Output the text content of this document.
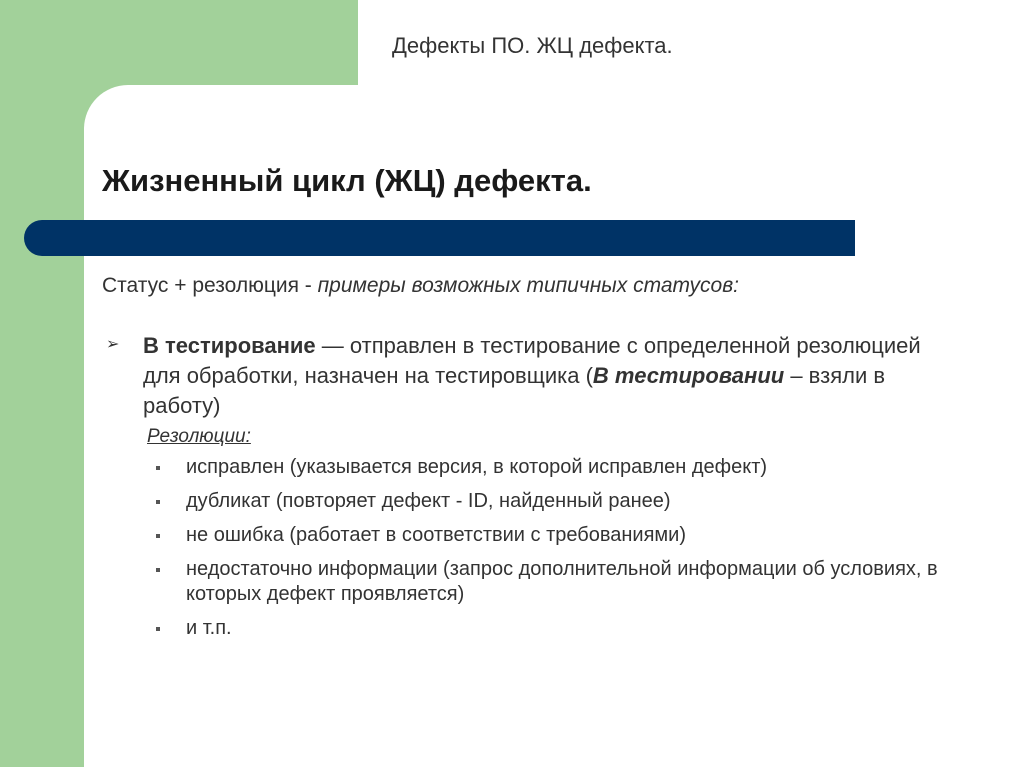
Дефекты ПО. ЖЦ дефекта.
Жизненный цикл (ЖЦ) дефекта.
Статус + резолюция - примеры возможных типичных статусов:
➢ В тестирование — отправлен в тестирование с определенной резолюцией для обработки, назначен на тестировщика (В тестировании – взяли в работу)
Резолюции:
исправлен (указывается версия, в которой исправлен дефект)
дубликат (повторяет дефект - ID, найденный ранее)
не ошибка (работает в соответствии с требованиями)
недостаточно информации (запрос дополнительной информации об условиях, в которых дефект проявляется)
и т.п.
